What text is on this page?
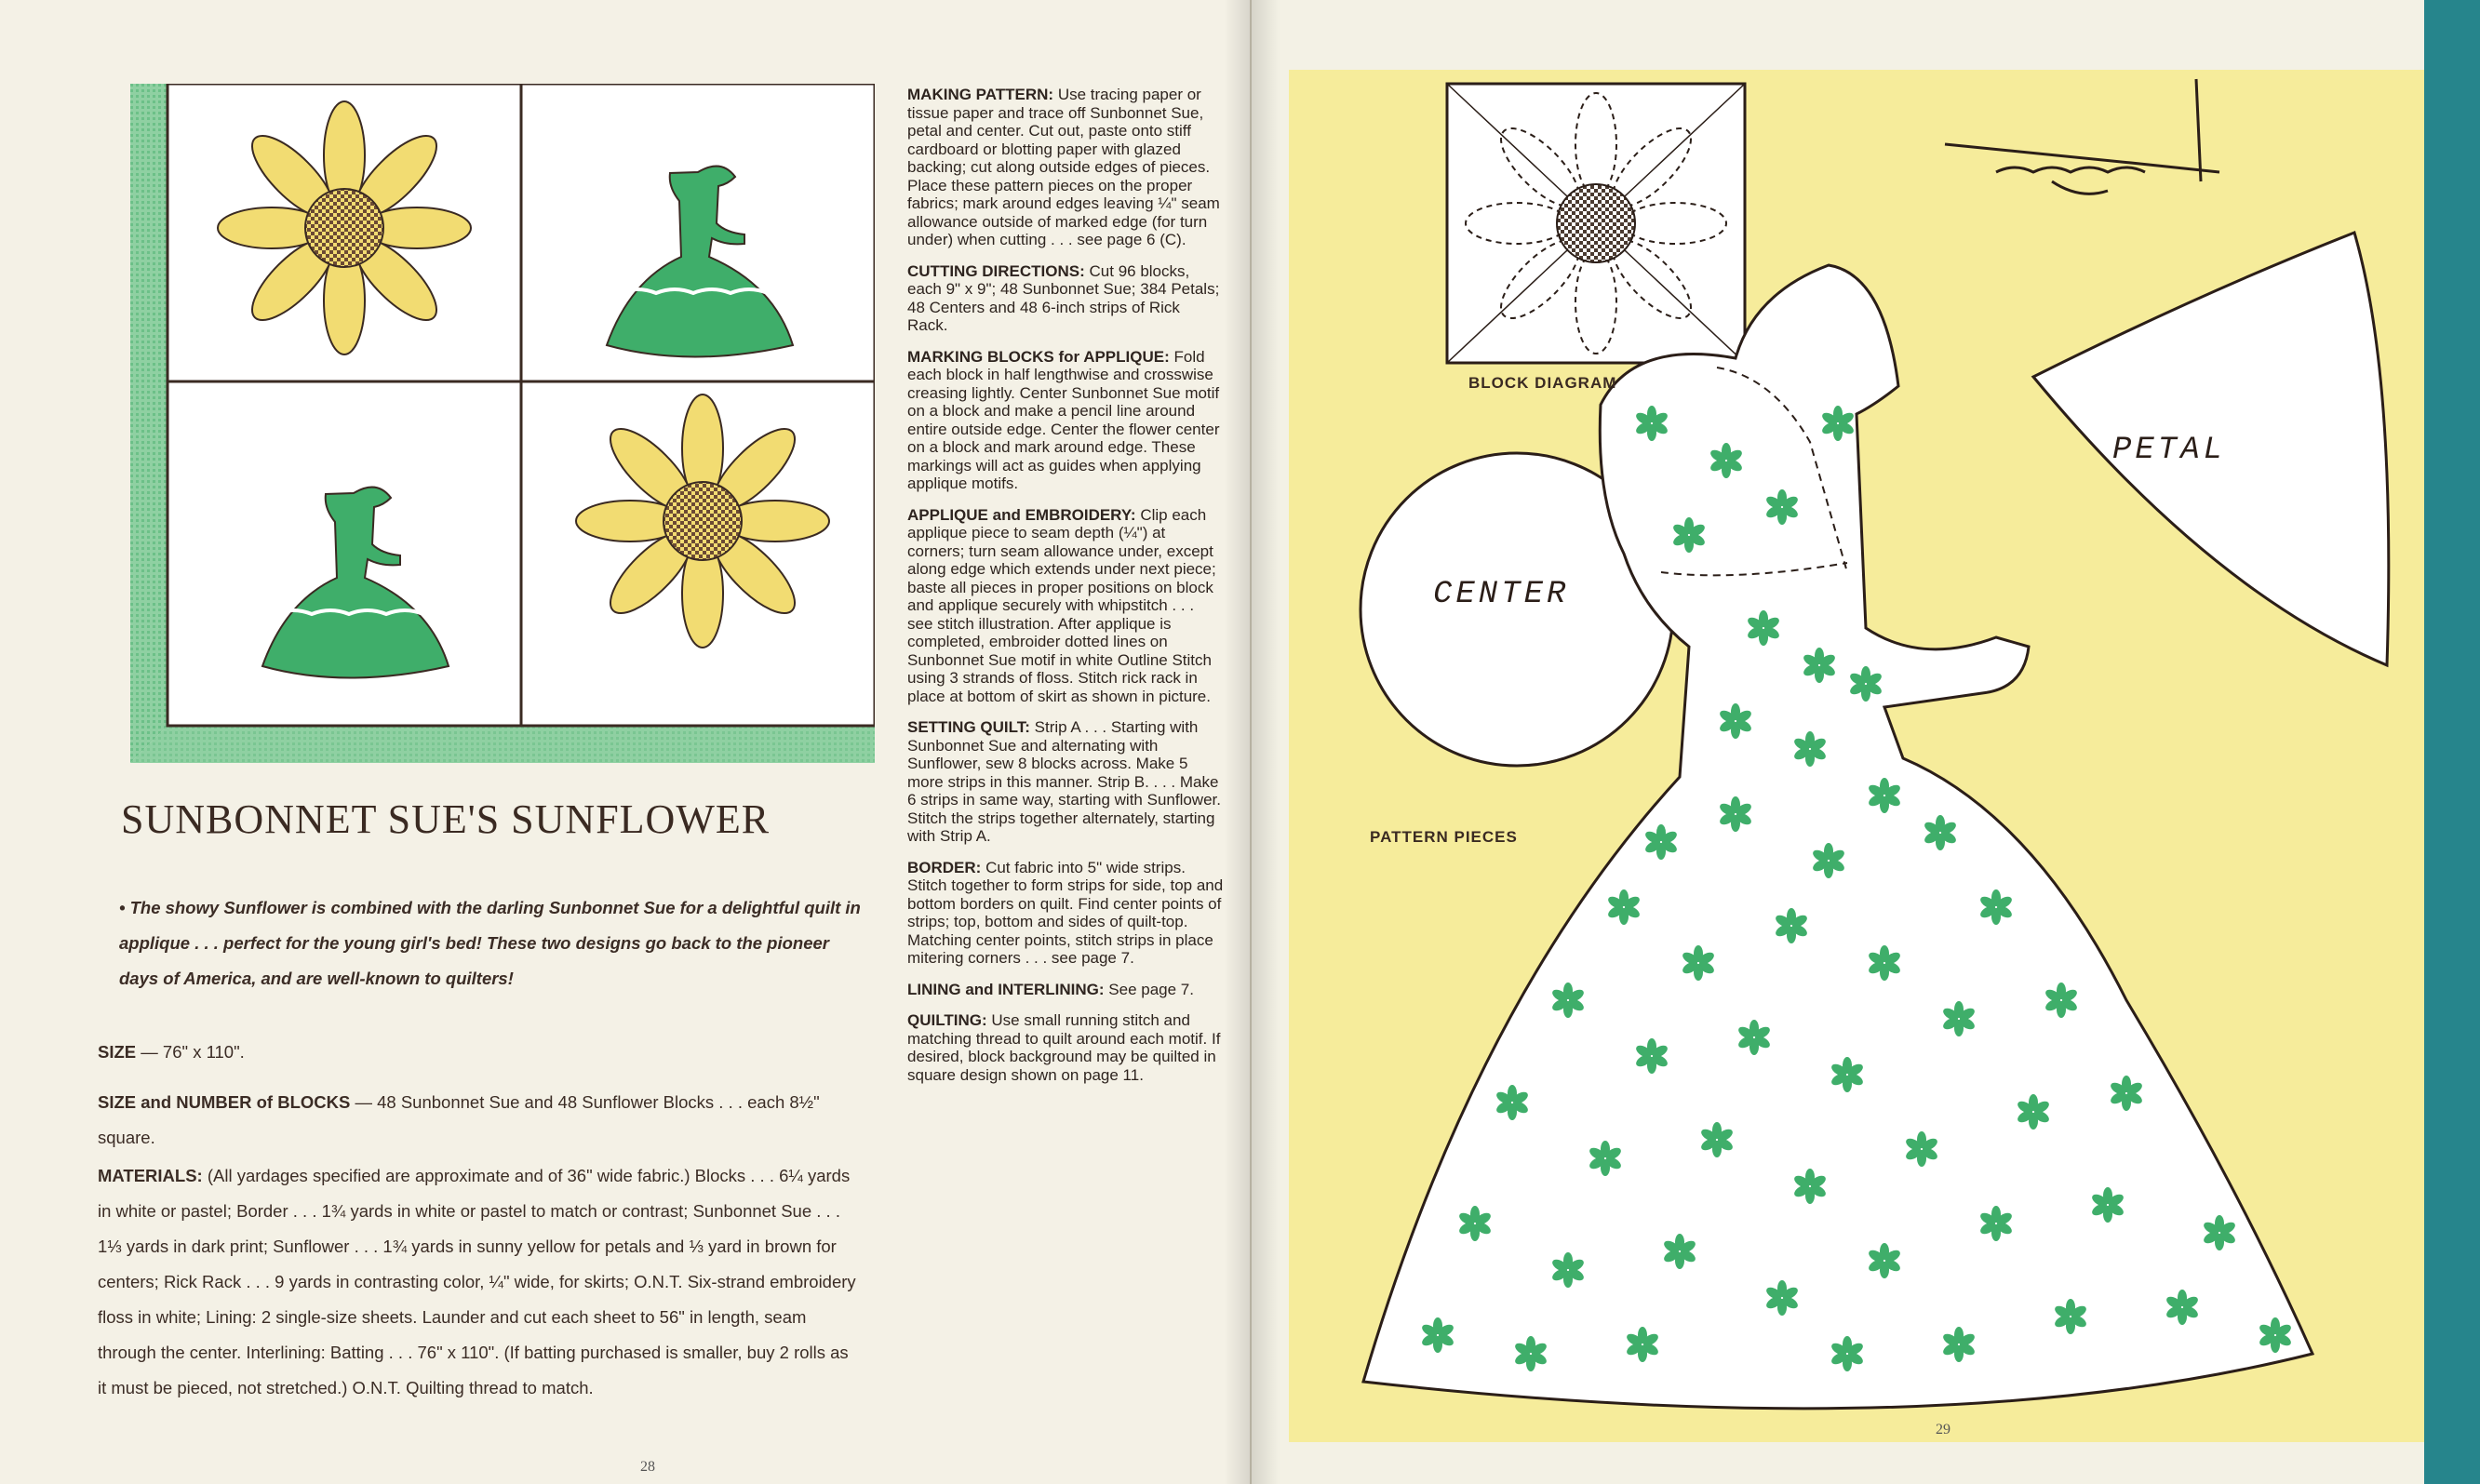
SUNBONNET SUE'S SUNFLOWER
• The showy Sunflower is combined with the darling Sunbonnet Sue for a delightful quilt in applique . . . perfect for the young girl's bed! These two designs go back to the pioneer days of America, and are well-known to quilters!
SIZE — 76" x 110".
SIZE and NUMBER of BLOCKS — 48 Sunbonnet Sue and 48 Sunflower Blocks . . . each 8½" square.
MATERIALS: (All yardages specified are approximate and of 36" wide fabric.) Blocks . . . 6¼ yards in white or pastel; Border . . . 1¾ yards in white or pastel to match or contrast; Sunbonnet Sue . . . 1⅓ yards in dark print; Sunflower . . . 1¾ yards in sunny yellow for petals and ⅓ yard in brown for centers; Rick Rack . . . 9 yards in contrasting color, ¼" wide, for skirts; O.N.T. Six-strand embroidery floss in white; Lining: 2 single-size sheets. Launder and cut each sheet to 56" in length, seam through the center. Interlining: Batting . . . 76" x 110". (If batting purchased is smaller, buy 2 rolls as it must be pieced, not stretched.) O.N.T. Quilting thread to match.
28

MAKING PATTERN: Use tracing paper or tissue paper and trace off Sunbonnet Sue, petal and center. Cut out, paste onto stiff cardboard or blotting paper with glazed backing; cut along outside edges of pieces. Place these pattern pieces on the proper fabrics; mark around edges leaving ¼" seam allowance outside of marked edge (for turn under) when cutting . . . see page 6 (C).

CUTTING DIRECTIONS: Cut 96 blocks, each 9" x 9"; 48 Sunbonnet Sue; 384 Petals; 48 Centers and 48 6-inch strips of Rick Rack.

MARKING BLOCKS for APPLIQUE: Fold each block in half lengthwise and crosswise creasing lightly. Center Sunbonnet Sue motif on a block and make a pencil line around entire outside edge. Center the flower center on a block and mark around edge. These markings will act as guides when applying applique motifs.

APPLIQUE and EMBROIDERY: Clip each applique piece to seam depth (¼") at corners; turn seam allowance under, except along edge which extends under next piece; baste all pieces in proper positions on block and applique securely with whipstitch . . . see stitch illustration. After applique is completed, embroider dotted lines on Sunbonnet Sue motif in white Outline Stitch using 3 strands of floss. Stitch rick rack in place at bottom of skirt as shown in picture.

SETTING QUILT: Strip A . . . Starting with Sunbonnet Sue and alternating with Sunflower, sew 8 blocks across. Make 5 more strips in this manner. Strip B. . . . Make 6 strips in same way, starting with Sunflower. Stitch the strips together alternately, starting with Strip A.

BORDER: Cut fabric into 5" wide strips. Stitch together to form strips for side, top and bottom borders on quilt. Find center points of strips; top, bottom and sides of quilt-top. Matching center points, stitch strips in place mitering corners . . . see page 7.

LINING and INTERLINING: See page 7.

QUILTING: Use small running stitch and matching thread to quilt around each motif. If desired, block background may be quilted in square design shown on page 11.

BLOCK DIAGRAM
PATTERN PIECES
CENTER
PETAL
29
